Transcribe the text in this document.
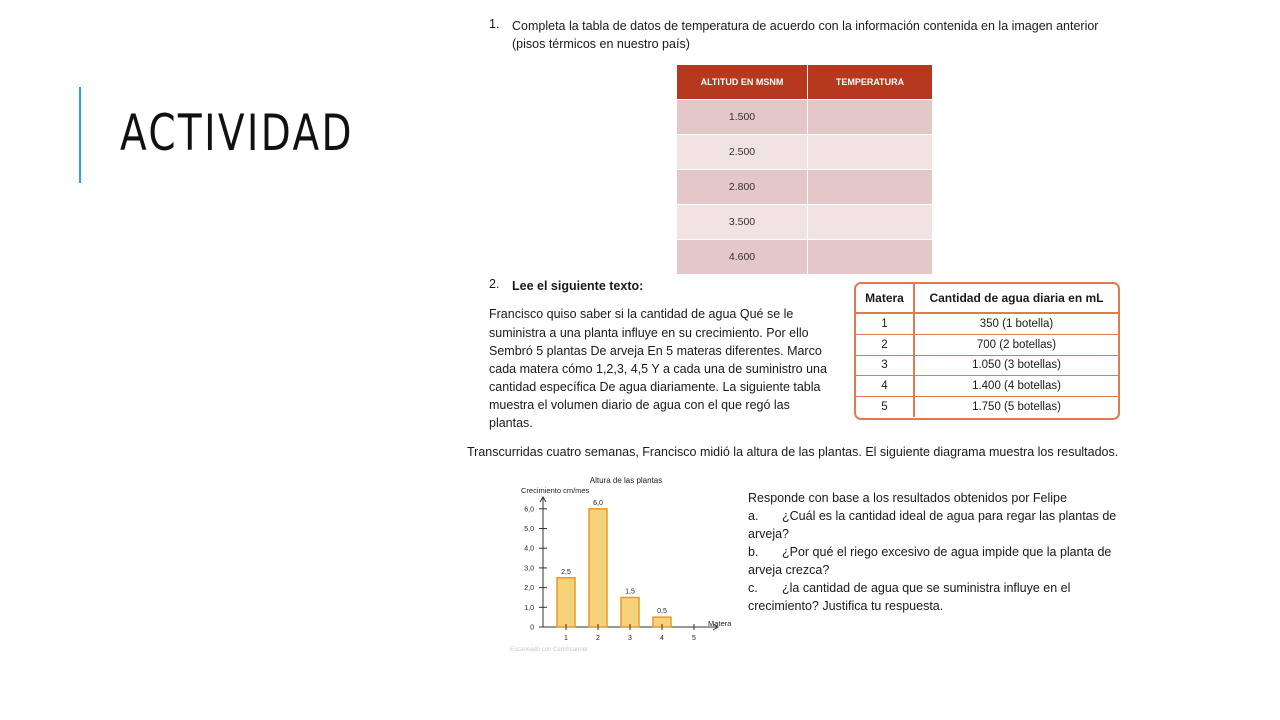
ACTIVIDAD
1. Completa la tabla de datos de temperatura de acuerdo con la información contenida en la imagen anterior
(pisos térmicos en nuestro país)
ALTITUD EN MSNM	TEMPERATURA
1.500	
2.500	
2.800	
3.500	
4.600	
2. Lee el siguiente texto:
Francisco quiso saber si la cantidad de agua Qué se le
suministra a una planta influye en su crecimiento. Por ello
Sembró 5 plantas De arveja En 5 materas diferentes. Marco
cada matera cómo 1,2,3, 4,5 Y a cada una de suministro una
cantidad específica De agua diariamente. La siguiente tabla
muestra el volumen diario de agua con el que regó las
plantas.
Matera	Cantidad de agua diaria en mL
1	350 (1 botella)
2	700 (2 botellas)
3	1.050 (3 botellas)
4	1.400 (4 botellas)
5	1.750 (5 botellas)
Transcurridas cuatro semanas, Francisco midió la altura de las plantas. El siguiente diagrama muestra los resultados.
Altura de las plantas
Crecimiento cm/mes
Matera
0
1,0
2,0
3,0
4,0
5,0
6,0
2,5
1
6,0
2
1,5
3
0,5
4	5
Escaneado con CamScanner
Responde con base a los resultados obtenidos por Felipe
a. ¿Cuál es la cantidad ideal de agua para regar las plantas de
arveja?
b. ¿Por qué el riego excesivo de agua impide que la planta de
arveja crezca?
c. ¿la cantidad de agua que se suministra influye en el
crecimiento? Justifica tu respuesta.
